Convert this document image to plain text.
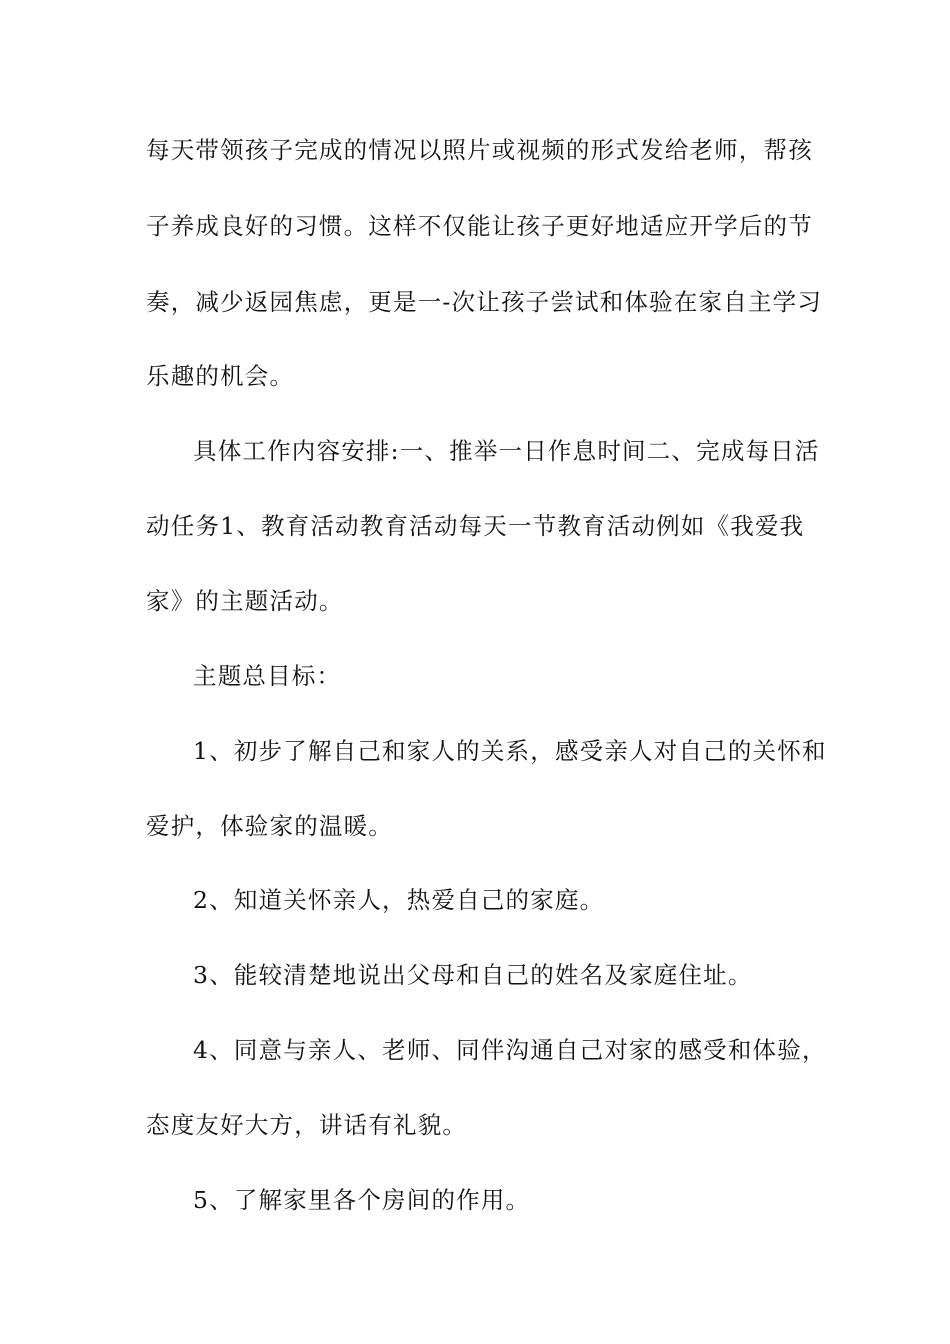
每天带领孩子完成的情况以照片或视频的形式发给老师，帮孩

子养成良好的习惯。这样不仅能让孩子更好地适应开学后的节

奏，减少返园焦虑，更是一-次让孩子尝试和体验在家自主学习

乐趣的机会。

具体工作内容安排:一、推举一日作息时间二、完成每日活

动任务1、教育活动教育活动每天一节教育活动例如《我爱我

家》的主题活动。

主题总目标：

1、初步了解自己和家人的关系，感受亲人对自己的关怀和

爱护，体验家的温暖。

2、知道关怀亲人，热爱自己的家庭。

3、能较清楚地说出父母和自己的姓名及家庭住址。

4、同意与亲人、老师、同伴沟通自己对家的感受和体验，

态度友好大方，讲话有礼貌。

5、了解家里各个房间的作用。
